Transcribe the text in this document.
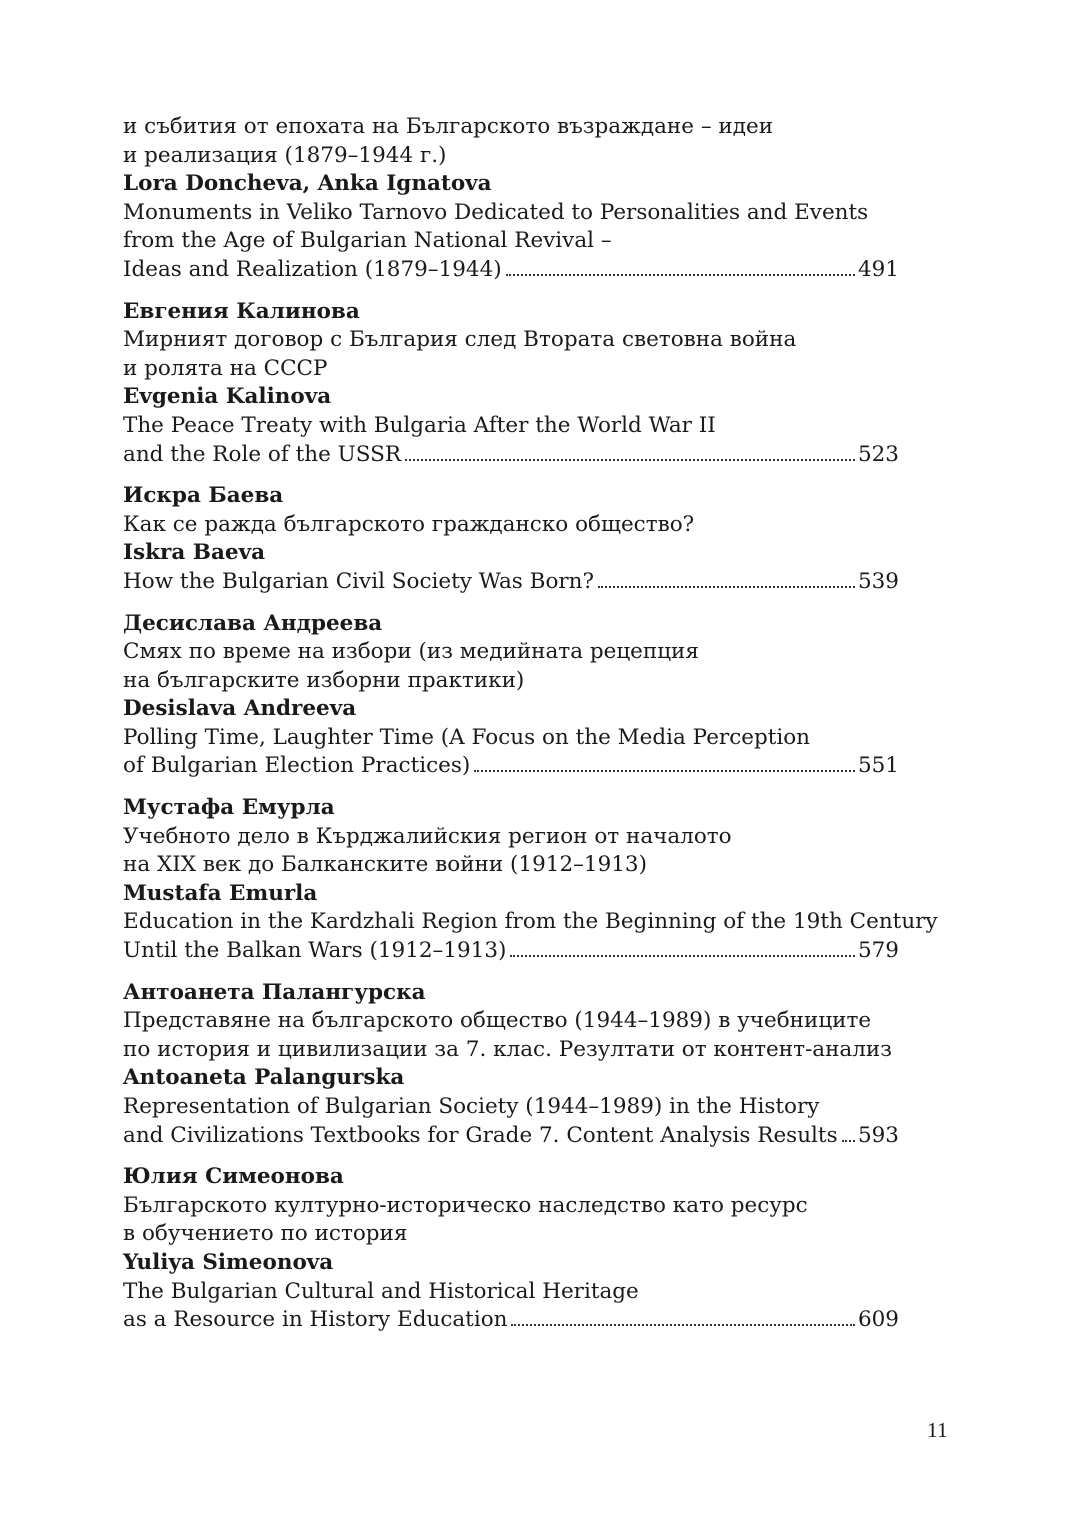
и събития от епохата на Българското възраждане – идеи
и реализация (1879–1944 г.)
Lora Doncheva, Anka Ignatova
Monuments in Veliko Tarnovo Dedicated to Personalities and Events
from the Age of Bulgarian National Revival –
Ideas and Realization (1879–1944)	491
Евгения Калинова
Мирният договор с България след Втората световна война
и ролята на СССР
Evgenia Kalinova
The Peace Treaty with Bulgaria After the World War II
and the Role of the USSR	523
Искра Баева
Как се ражда българското гражданско общество?
Iskra Baeva
How the Bulgarian Civil Society Was Born?	539
Десислава Андреева
Смях по време на избори (из медийната рецепция
на българските изборни практики)
Desislava Andreeva
Polling Time, Laughter Time (A Focus on the Media Perception
of Bulgarian Election Practices)	551
Мустафа Емурла
Учебното дело в Кърджалийския регион от началото
на XIX век до Балканските войни (1912–1913)
Mustafa Emurla
Education in the Kardzhali Region from the Beginning of the 19th Century
Until the Balkan Wars (1912–1913)	579
Антоанета Палангурска
Представяне на българското общество (1944–1989) в учебниците
по история и цивилизации за 7. клас. Резултати от контент-анализ
Antoaneta Palangurska
Representation of Bulgarian Society (1944–1989) in the History
and Civilizations Textbooks for Grade 7. Content Analysis Results 593
Юлия Симеонова
Българското културно-историческо наследство като ресурс
в обучението по история
Yuliya Simeonova
The Bulgarian Cultural and Historical Heritage
as a Resource in History Education	609
11
